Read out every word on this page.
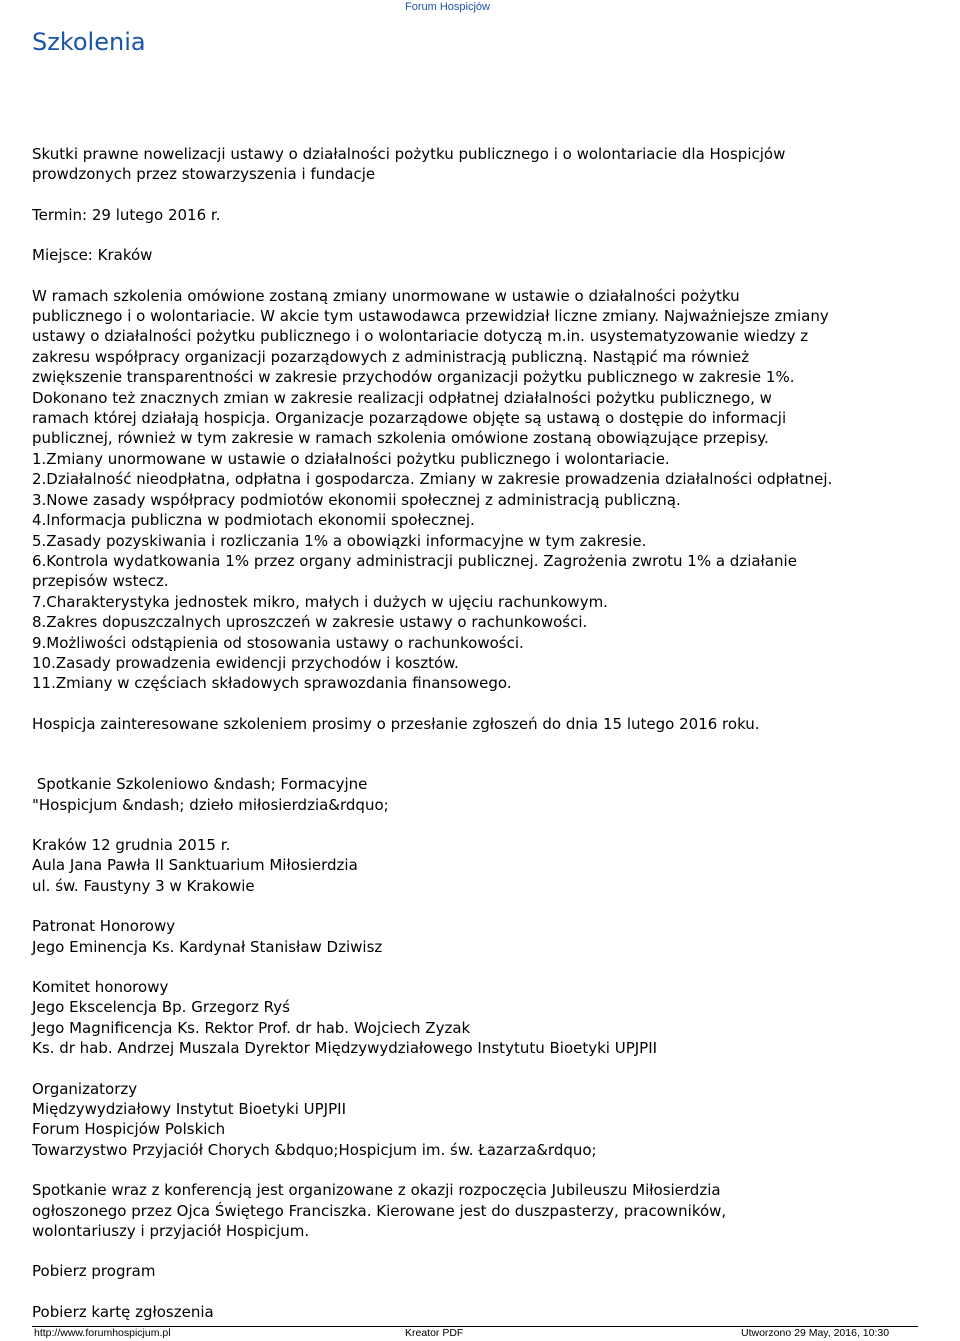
Forum Hospicjów
Szkolenia

Skutki prawne nowelizacji ustawy o działalności pożytku publicznego i o wolontariacie dla Hospicjów

prowdzonych przez stowarzyszenia i fundacje

Termin: 29 lutego 2016 r.

Miejsce: Kraków

W ramach szkolenia omówione zostaną zmiany unormowane w ustawie o działalności pożytku

publicznego i o wolontariacie. W akcie tym ustawodawca przewidział liczne zmiany. Najważniejsze zmiany

ustawy o działalności pożytku publicznego i o wolontariacie dotyczą m.in. usystematyzowanie wiedzy z

zakresu współpracy organizacji pozarządowych z administracją publiczną. Nastąpić ma również

zwiększenie transparentności w zakresie przychodów organizacji pożytku publicznego w zakresie 1%.

Dokonano też znacznych zmian w zakresie realizacji odpłatnej działalności pożytku publicznego, w

ramach której działają hospicja. Organizacje pozarządowe objęte są ustawą o dostępie do informacji

publicznej, również w tym zakresie w ramach szkolenia omówione zostaną obowiązujące przepisy.

1.Zmiany unormowane w ustawie o działalności pożytku publicznego i wolontariacie.

2.Działalność nieodpłatna, odpłatna i gospodarcza. Zmiany w zakresie prowadzenia działalności odpłatnej.

3.Nowe zasady współpracy podmiotów ekonomii społecznej z administracją publiczną.

4.Informacja publiczna w podmiotach ekonomii społecznej.

5.Zasady pozyskiwania i rozliczania 1% a obowiązki informacyjne w tym zakresie.

6.Kontrola wydatkowania 1% przez organy administracji publicznej. Zagrożenia zwrotu 1% a działanie

przepisów wstecz.

7.Charakterystyka jednostek mikro, małych i dużych w ujęciu rachunkowym.

8.Zakres dopuszczalnych uproszczeń w zakresie ustawy o rachunkowości.

9.Możliwości odstąpienia od stosowania ustawy o rachunkowości.

10.Zasady prowadzenia ewidencji przychodów i kosztów.

11.Zmiany w częściach składowych sprawozdania finansowego.

Hospicja zainteresowane szkoleniem prosimy o przesłanie zgłoszeń do dnia 15 lutego 2016 roku.

Spotkanie Szkoleniowo &ndash; Formacyjne

"Hospicjum &ndash; dzieło miłosierdzia&rdquo;

Kraków 12 grudnia 2015 r.

Aula Jana Pawła II Sanktuarium Miłosierdzia

ul. św. Faustyny 3 w Krakowie

Patronat Honorowy

Jego Eminencja Ks. Kardynał Stanisław Dziwisz

Komitet honorowy

Jego Ekscelencja Bp. Grzegorz Ryś

Jego Magnificencja Ks. Rektor Prof. dr hab. Wojciech Zyzak

Ks. dr hab. Andrzej Muszala Dyrektor Międzywydziałowego Instytutu Bioetyki UPJPII

Organizatorzy

Międzywydziałowy Instytut Bioetyki UPJPII

Forum Hospicjów Polskich

Towarzystwo Przyjaciół Chorych &bdquo;Hospicjum im. św. Łazarza&rdquo;

Spotkanie wraz z konferencją jest organizowane z okazji rozpoczęcia Jubileuszu Miłosierdzia

ogłoszonego przez Ojca Świętego Franciszka. Kierowane jest do duszpasterzy, pracowników,

wolontariuszy i przyjaciół Hospicjum.

Pobierz program

Pobierz kartę zgłoszenia

http://www.forumhospicjum.pl	Kreator PDF	Utworzono 29 May, 2016, 10:30
